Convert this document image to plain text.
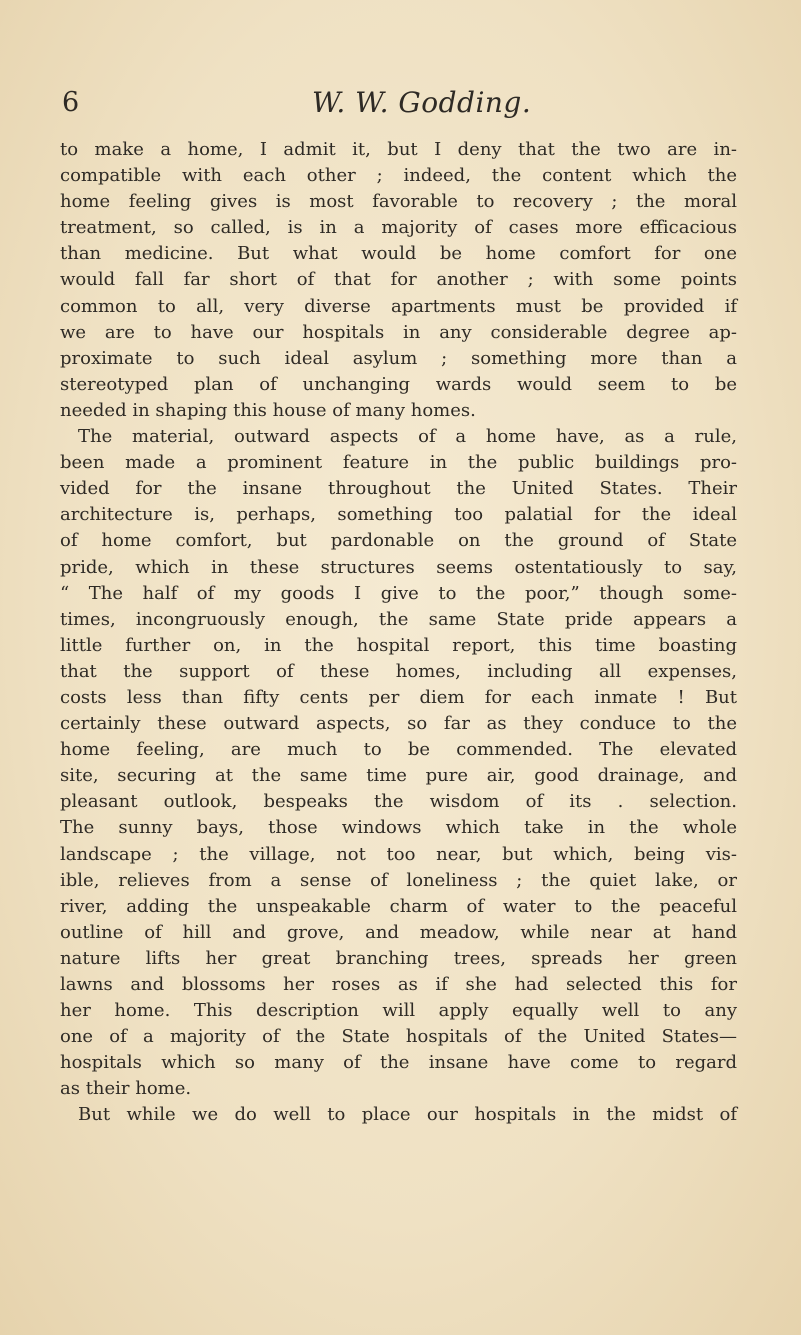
6	W. W. Godding.
to make a home, I admit it, but I deny that the two are in-
compatible with each other ; indeed, the content which the
home feeling gives is most favorable to recovery ; the moral
treatment, so called, is in a majority of cases more efficacious
than medicine. But what would be home comfort for one
would fall far short of that for another ; with some points
common to all, very diverse apartments must be provided if
we are to have our hospitals in any considerable degree ap-
proximate to such ideal asylum ; something more than a
stereotyped plan of unchanging wards would seem to be
needed in shaping this house of many homes.
The material, outward aspects of a home have, as a rule,
been made a prominent feature in the public buildings pro-
vided for the insane throughout the United States. Their
architecture is, perhaps, something too palatial for the ideal
of home comfort, but pardonable on the ground of State
pride, which in these structures seems ostentatiously to say,
“ The half of my goods I give to the poor,” though some-
times, incongruously enough, the same State pride appears a
little further on, in the hospital report, this time boasting
that the support of these homes, including all expenses,
costs less than fifty cents per diem for each inmate ! But
certainly these outward aspects, so far as they conduce to the
home feeling, are much to be commended. The elevated
site, securing at the same time pure air, good drainage, and
pleasant outlook, bespeaks the wisdom of its . selection.
The sunny bays, those windows which take in the whole
landscape ; the village, not too near, but which, being vis-
ible, relieves from a sense of loneliness ; the quiet lake, or
river, adding the unspeakable charm of water to the peaceful
outline of hill and grove, and meadow, while near at hand
nature lifts her great branching trees, spreads her green
lawns and blossoms her roses as if she had selected this for
her home. This description will apply equally well to any
one of a majority of the State hospitals of the United States—
hospitals which so many of the insane have come to regard
as their home.
But while we do well to place our hospitals in the midst of
